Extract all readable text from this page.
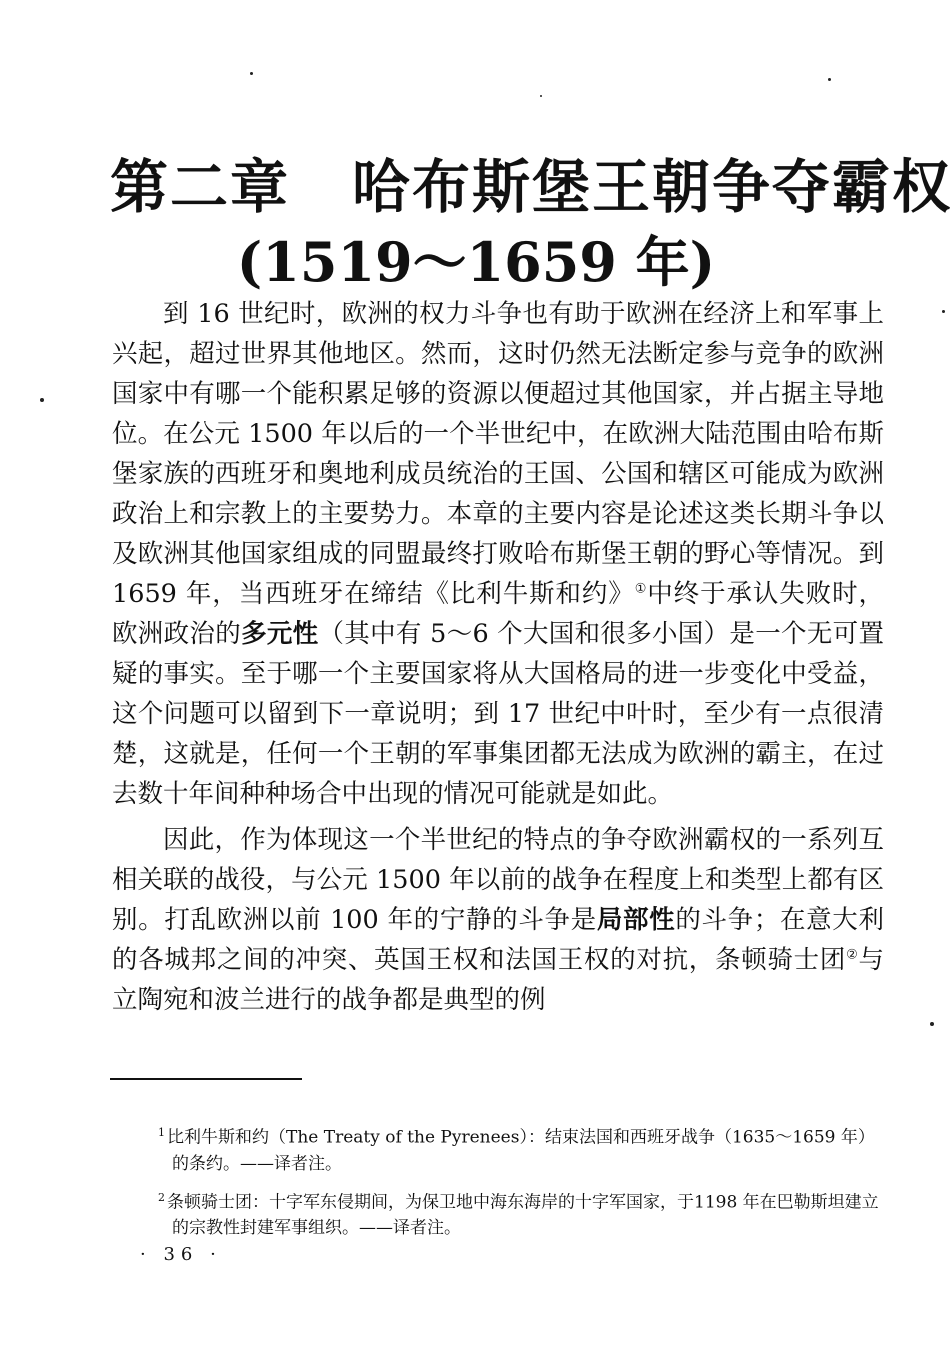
第二章 哈布斯堡王朝争夺霸权
(1519～1659 年)

到 16 世纪时，欧洲的权力斗争也有助于欧洲在经济上和军事上兴起，超过世界其他地区。然而，这时仍然无法断定参与竞争的欧洲国家中有哪一个能积累足够的资源以便超过其他国家，并占据主导地位。在公元 1500 年以后的一个半世纪中，在欧洲大陆范围由哈布斯堡家族的西班牙和奥地利成员统治的王国、公国和辖区可能成为欧洲政治上和宗教上的主要势力。本章的主要内容是论述这类长期斗争以及欧洲其他国家组成的同盟最终打败哈布斯堡王朝的野心等情况。到 1659 年，当西班牙在缔结《比利牛斯和约》①中终于承认失败时，欧洲政治的多元性（其中有 5～6 个大国和很多小国）是一个无可置疑的事实。至于哪一个主要国家将从大国格局的进一步变化中受益，这个问题可以留到下一章说明；到 17 世纪中叶时，至少有一点很清楚，这就是，任何一个王朝的军事集团都无法成为欧洲的霸主，在过去数十年间种种场合中出现的情况可能就是如此。

因此，作为体现这一个半世纪的特点的争夺欧洲霸权的一系列互相关联的战役，与公元 1500 年以前的战争在程度上和类型上都有区别。打乱欧洲以前 100 年的宁静的斗争是局部性的斗争；在意大利的各城邦之间的冲突、英国王权和法国王权的对抗，条顿骑士团②与立陶宛和波兰进行的战争都是典型的例

$^1$ 比利牛斯和约（The Treaty of the Pyrenees）：结束法国和西班牙战争（1635～1659 年）的条约。——译者注。
$^2$ 条顿骑士团：十字军东侵期间，为保卫地中海东海岸的十字军国家，于1198 年在巴勒斯坦建立的宗教性封建军事组织。——译者注。
· 36 ·
